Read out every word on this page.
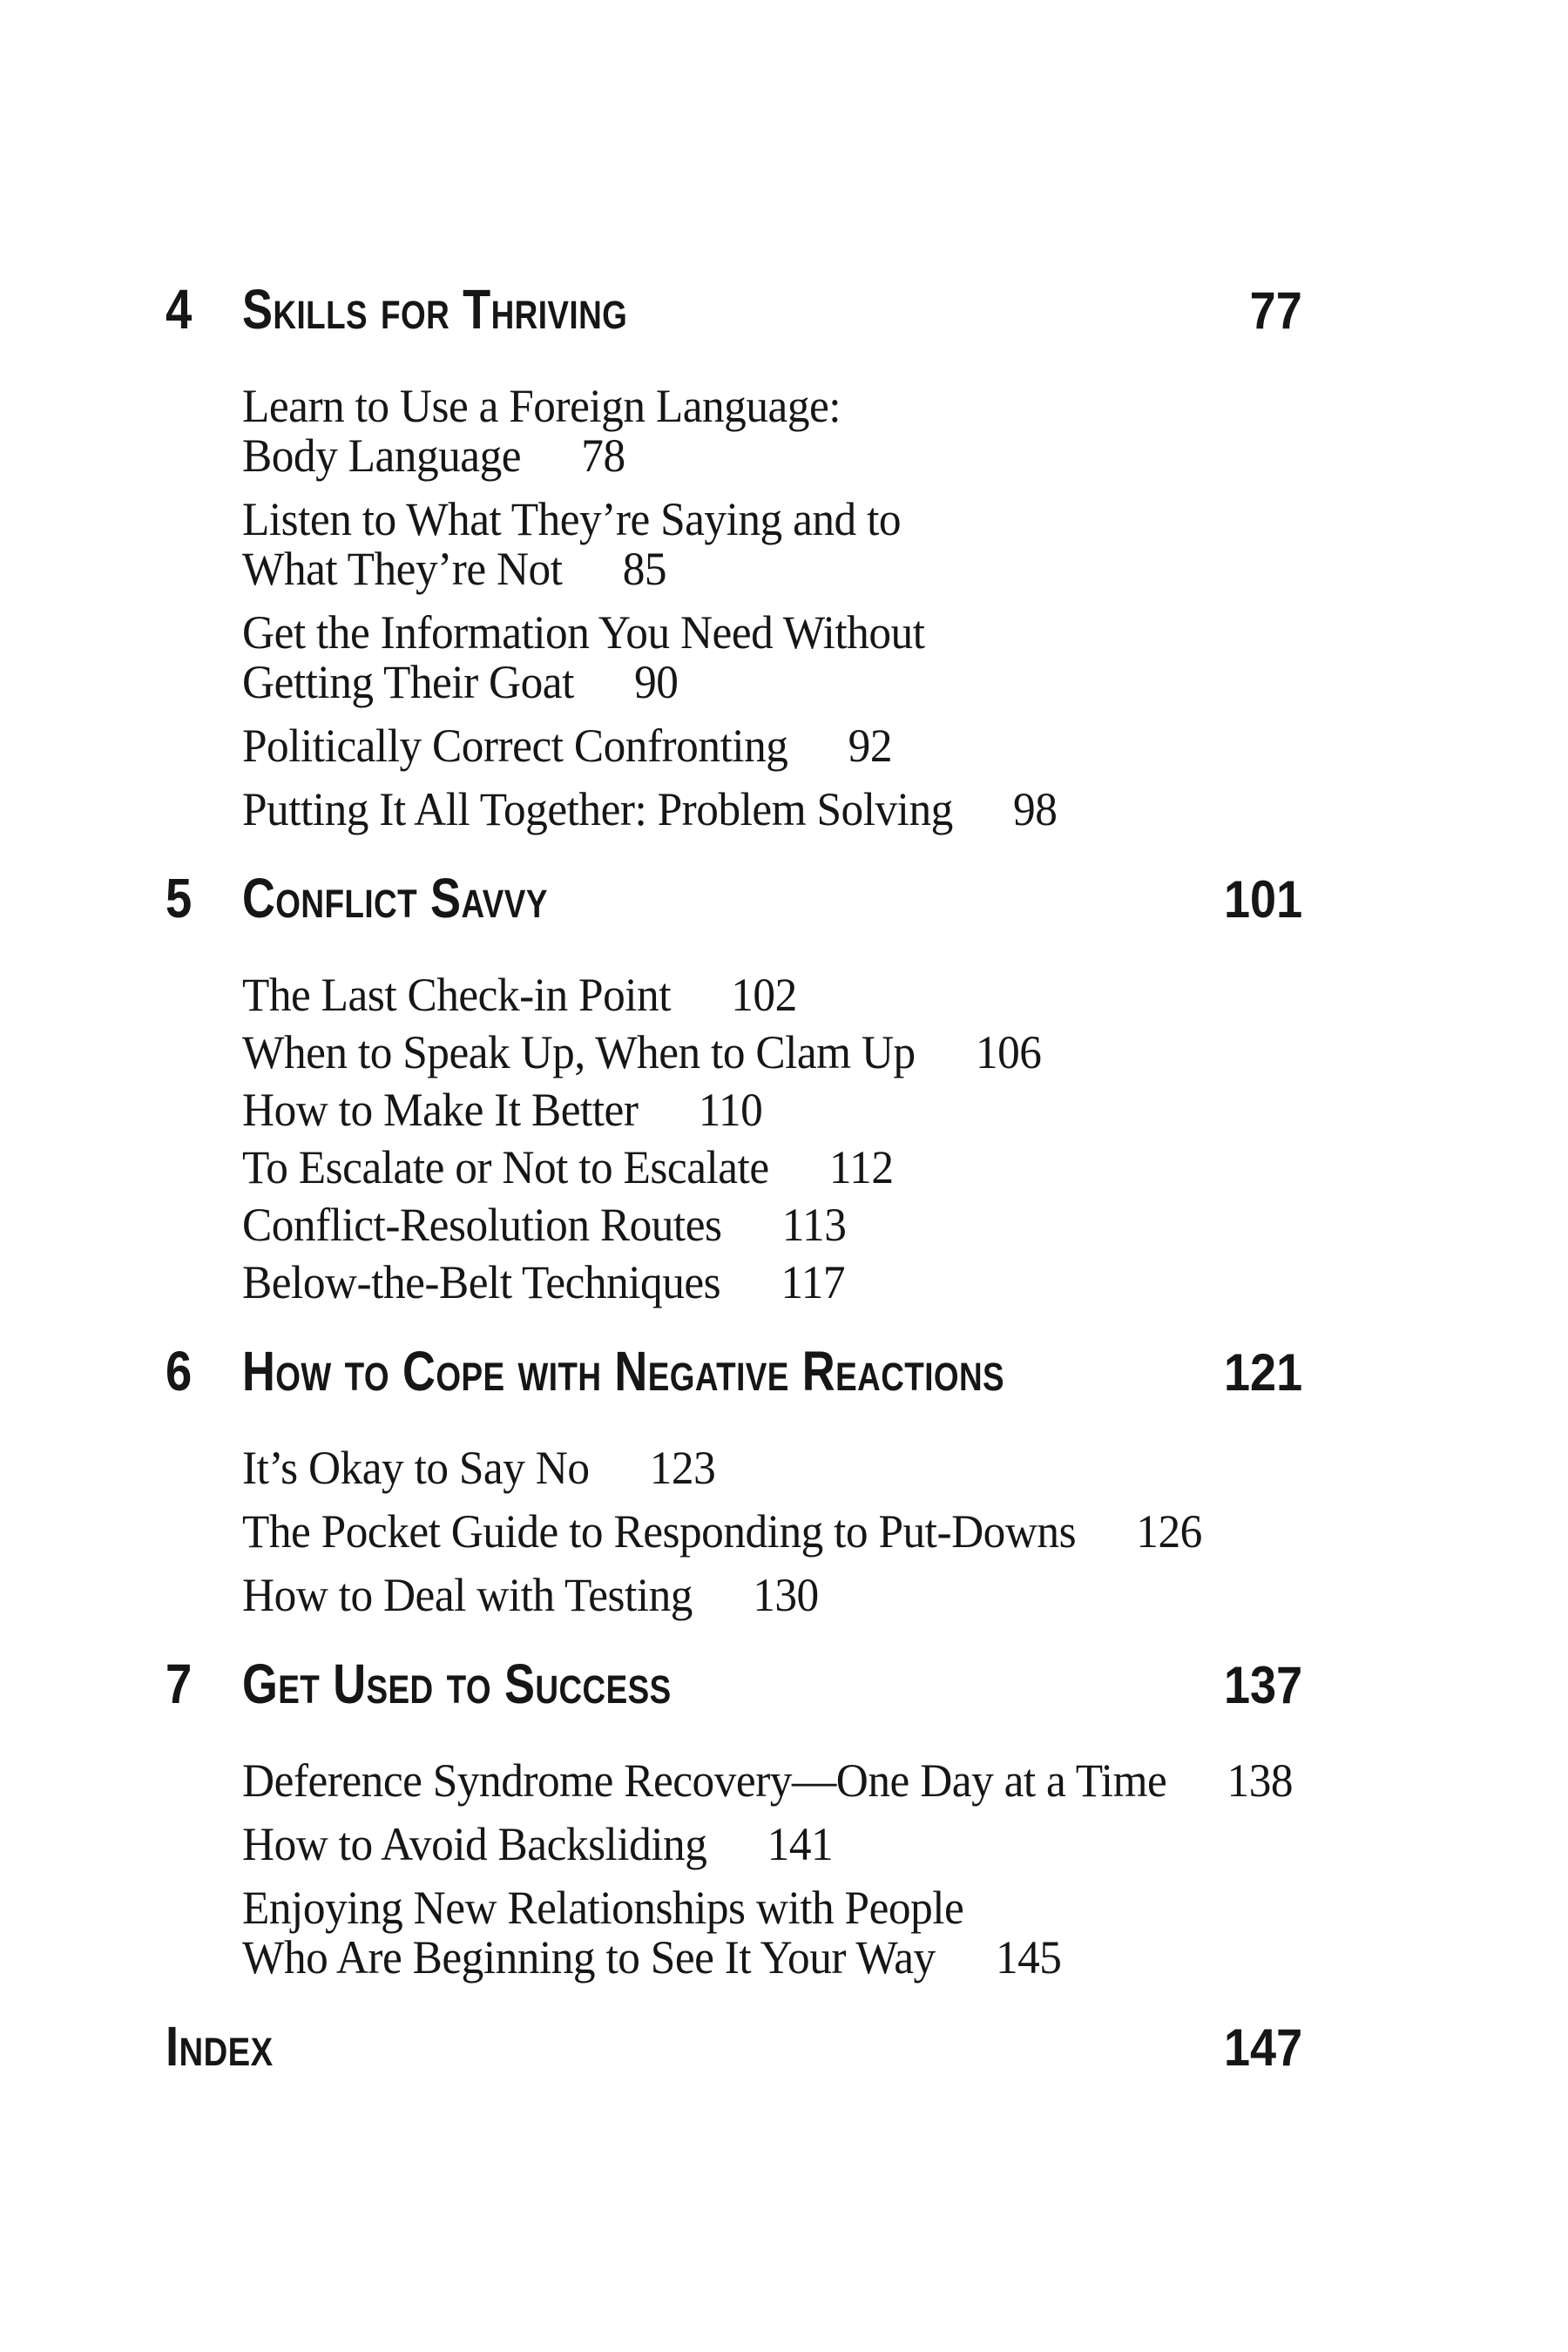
4 Skills for Thriving	77

Learn to Use a Foreign Language:
Body Language 78

Listen to What They’re Saying and to
What They’re Not 85

Get the Information You Need Without
Getting Their Goat 90

Politically Correct Confronting 92

Putting It All Together: Problem Solving 98

5 Conflict Savvy	101

The Last Check-in Point 102

When to Speak Up, When to Clam Up 106

How to Make It Better 110

To Escalate or Not to Escalate 112

Conflict-Resolution Routes 113

Below-the-Belt Techniques 117

6 How to Cope with Negative Reactions	121

It’s Okay to Say No 123

The Pocket Guide to Responding to Put-Downs 126

How to Deal with Testing 130

7 Get Used to Success	137

Deference Syndrome Recovery—One Day at a Time 138

How to Avoid Backsliding 141

Enjoying New Relationships with People
Who Are Beginning to See It Your Way 145

Index	147
